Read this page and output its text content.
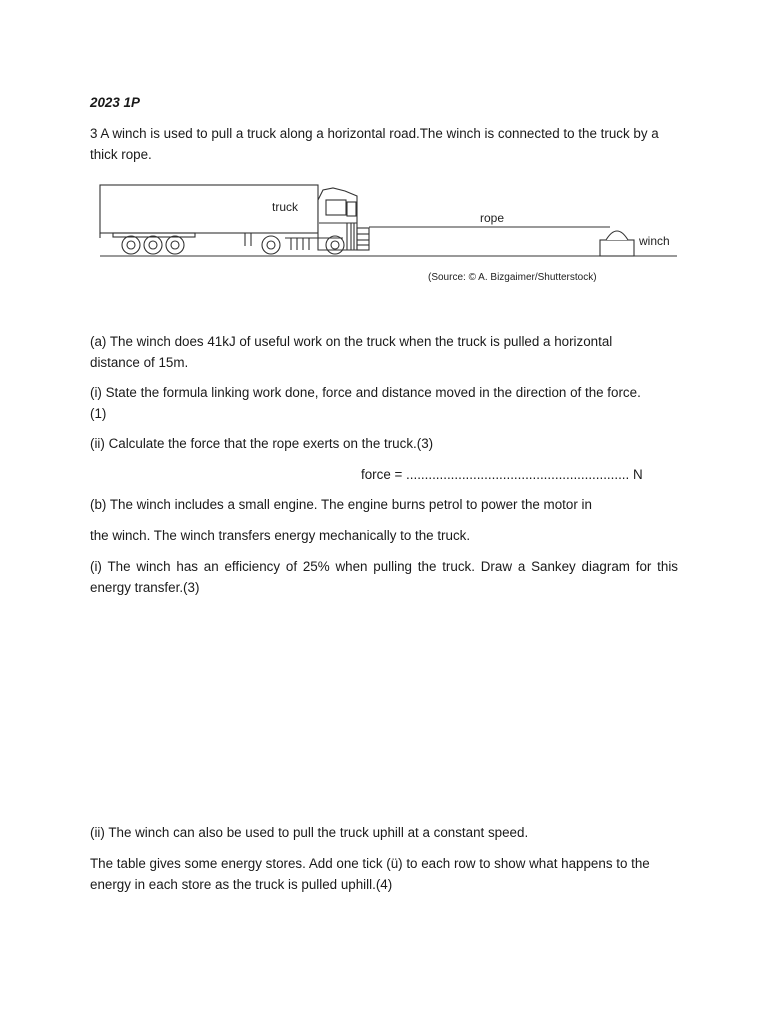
2023 1P

3 A winch is used to pull a truck along a horizontal road.The winch is connected to the truck by a thick rope.

truck
rope
winch
(Source: © A. Bizgaimer/Shutterstock)

(a) The winch does 41kJ of useful work on the truck when the truck is pulled a horizontal distance of 15m.

(i) State the formula linking work done, force and distance moved in the direction of the force.(1)

(ii) Calculate the force that the rope exerts on the truck.(3)

force = ............................................................ N

(b) The winch includes a small engine. The engine burns petrol to power the motor in

the winch. The winch transfers energy mechanically to the truck.

(i) The winch has an efficiency of 25% when pulling the truck. Draw a Sankey diagram for this energy transfer.(3)

(ii) The winch can also be used to pull the truck uphill at a constant speed.

The table gives some energy stores. Add one tick (ü) to each row to show what happens to the energy in each store as the truck is pulled uphill.(4)
